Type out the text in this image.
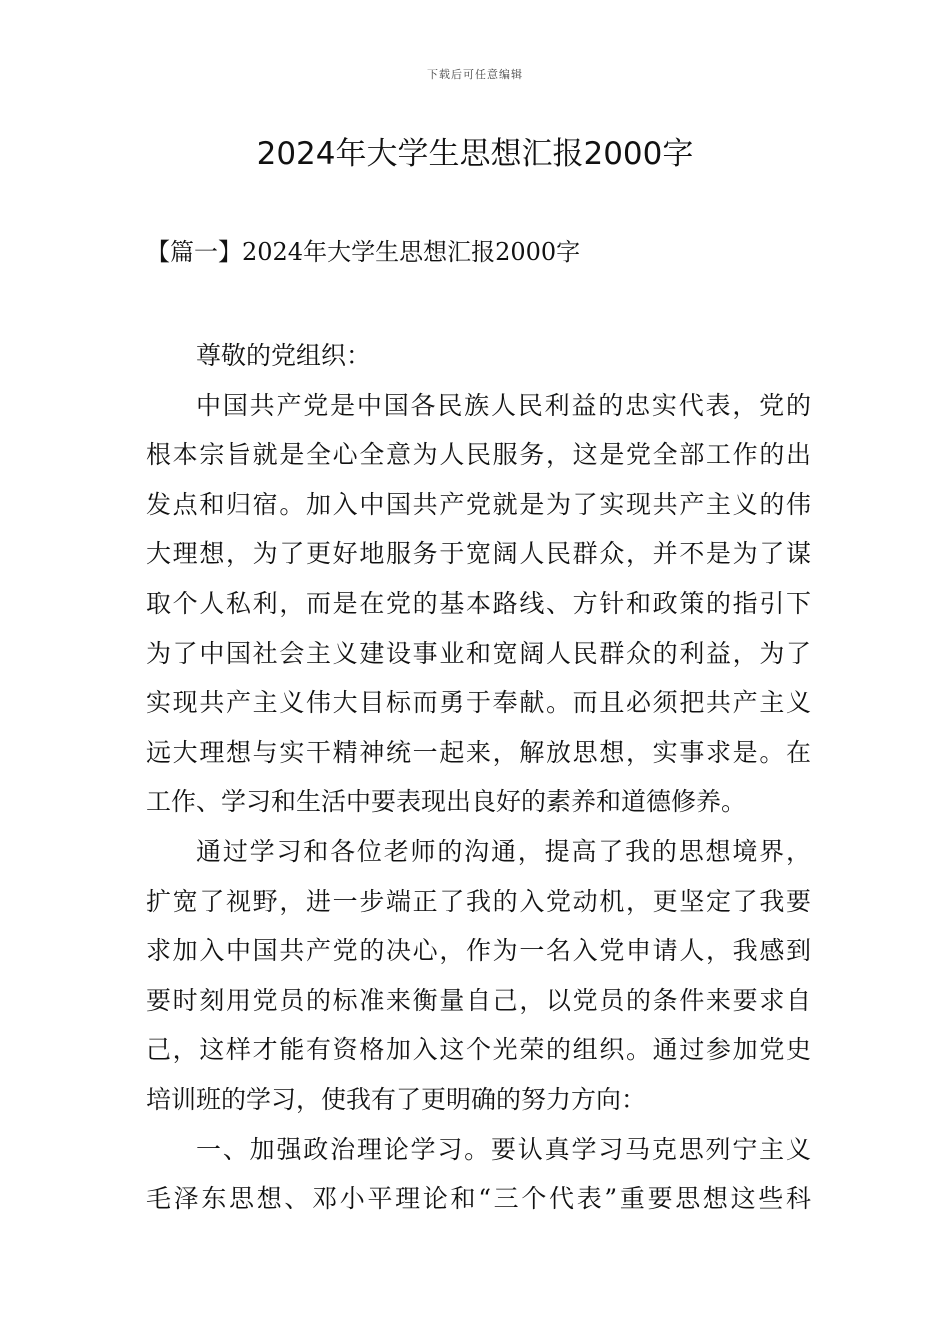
下载后可任意编辑
2024年大学生思想汇报2000字
【篇一】2024年大学生思想汇报2000字
尊敬的党组织：
中国共产党是中国各民族人民利益的忠实代表，党的
根本宗旨就是全心全意为人民服务，这是党全部工作的出
发点和归宿。加入中国共产党就是为了实现共产主义的伟
大理想，为了更好地服务于宽阔人民群众，并不是为了谋
取个人私利，而是在党的基本路线、方针和政策的指引下
为了中国社会主义建设事业和宽阔人民群众的利益，为了
实现共产主义伟大目标而勇于奉献。而且必须把共产主义
远大理想与实干精神统一起来，解放思想，实事求是。在
工作、学习和生活中要表现出良好的素养和道德修养。
通过学习和各位老师的沟通，提高了我的思想境界，
扩宽了视野，进一步端正了我的入党动机，更坚定了我要
求加入中国共产党的决心，作为一名入党申请人，我感到
要时刻用党员的标准来衡量自己，以党员的条件来要求自
己，这样才能有资格加入这个光荣的组织。通过参加党史
培训班的学习，使我有了更明确的努力方向：
一、加强政治理论学习。要认真学习马克思列宁主义
毛泽东思想、邓小平理论和“三个代表”重要思想这些科
